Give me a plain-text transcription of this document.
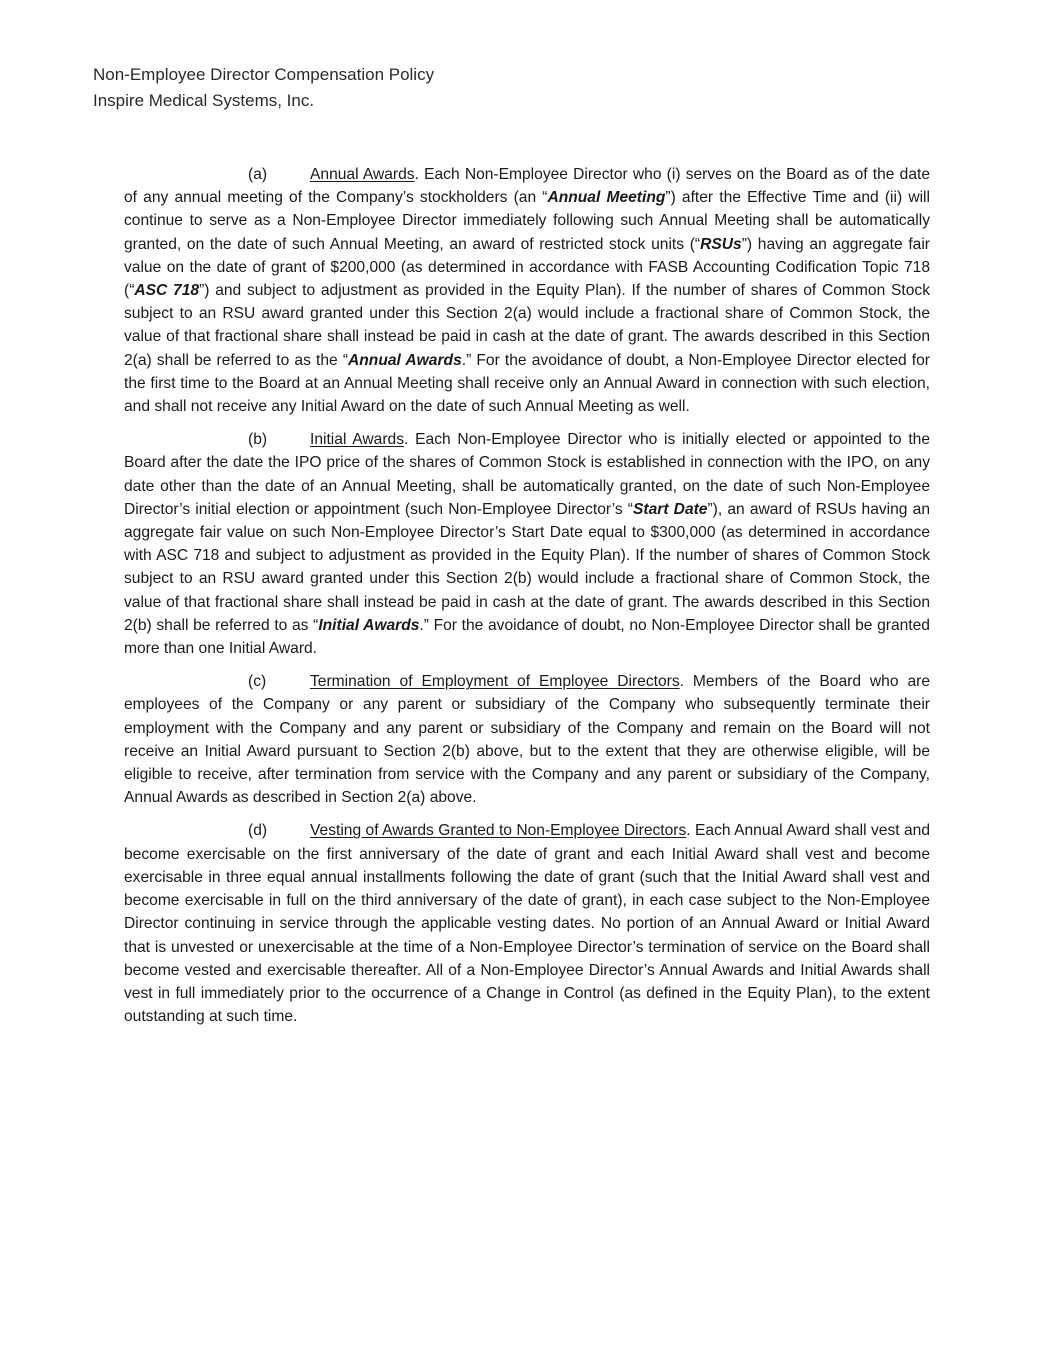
Non-Employee Director Compensation Policy
Inspire Medical Systems, Inc.

(a)	Annual Awards. Each Non-Employee Director who (i) serves on the Board as of the date of any annual meeting of the Company’s stockholders (an “Annual Meeting”) after the Effective Time and (ii) will continue to serve as a Non-Employee Director immediately following such Annual Meeting shall be automatically granted, on the date of such Annual Meeting, an award of restricted stock units (“RSUs”) having an aggregate fair value on the date of grant of $200,000 (as determined in accordance with FASB Accounting Codification Topic 718 (“ASC 718”) and subject to adjustment as provided in the Equity Plan). If the number of shares of Common Stock subject to an RSU award granted under this Section 2(a) would include a fractional share of Common Stock, the value of that fractional share shall instead be paid in cash at the date of grant. The awards described in this Section 2(a) shall be referred to as the “Annual Awards.” For the avoidance of doubt, a Non-Employee Director elected for the first time to the Board at an Annual Meeting shall receive only an Annual Award in connection with such election, and shall not receive any Initial Award on the date of such Annual Meeting as well.

(b)	Initial Awards. Each Non-Employee Director who is initially elected or appointed to the Board after the date the IPO price of the shares of Common Stock is established in connection with the IPO, on any date other than the date of an Annual Meeting, shall be automatically granted, on the date of such Non-Employee Director’s initial election or appointment (such Non-Employee Director’s “Start Date”), an award of RSUs having an aggregate fair value on such Non-Employee Director’s Start Date equal to $300,000 (as determined in accordance with ASC 718 and subject to adjustment as provided in the Equity Plan). If the number of shares of Common Stock subject to an RSU award granted under this Section 2(b) would include a fractional share of Common Stock, the value of that fractional share shall instead be paid in cash at the date of grant. The awards described in this Section 2(b) shall be referred to as “Initial Awards.” For the avoidance of doubt, no Non-Employee Director shall be granted more than one Initial Award.

(c)	Termination of Employment of Employee Directors. Members of the Board who are employees of the Company or any parent or subsidiary of the Company who subsequently terminate their employment with the Company and any parent or subsidiary of the Company and remain on the Board will not receive an Initial Award pursuant to Section 2(b) above, but to the extent that they are otherwise eligible, will be eligible to receive, after termination from service with the Company and any parent or subsidiary of the Company, Annual Awards as described in Section 2(a) above.

(d)	Vesting of Awards Granted to Non-Employee Directors. Each Annual Award shall vest and become exercisable on the first anniversary of the date of grant and each Initial Award shall vest and become exercisable in three equal annual installments following the date of grant (such that the Initial Award shall vest and become exercisable in full on the third anniversary of the date of grant), in each case subject to the Non-Employee Director continuing in service through the applicable vesting dates. No portion of an Annual Award or Initial Award that is unvested or unexercisable at the time of a Non-Employee Director’s termination of service on the Board shall become vested and exercisable thereafter. All of a Non-Employee Director’s Annual Awards and Initial Awards shall vest in full immediately prior to the occurrence of a Change in Control (as defined in the Equity Plan), to the extent outstanding at such time.
